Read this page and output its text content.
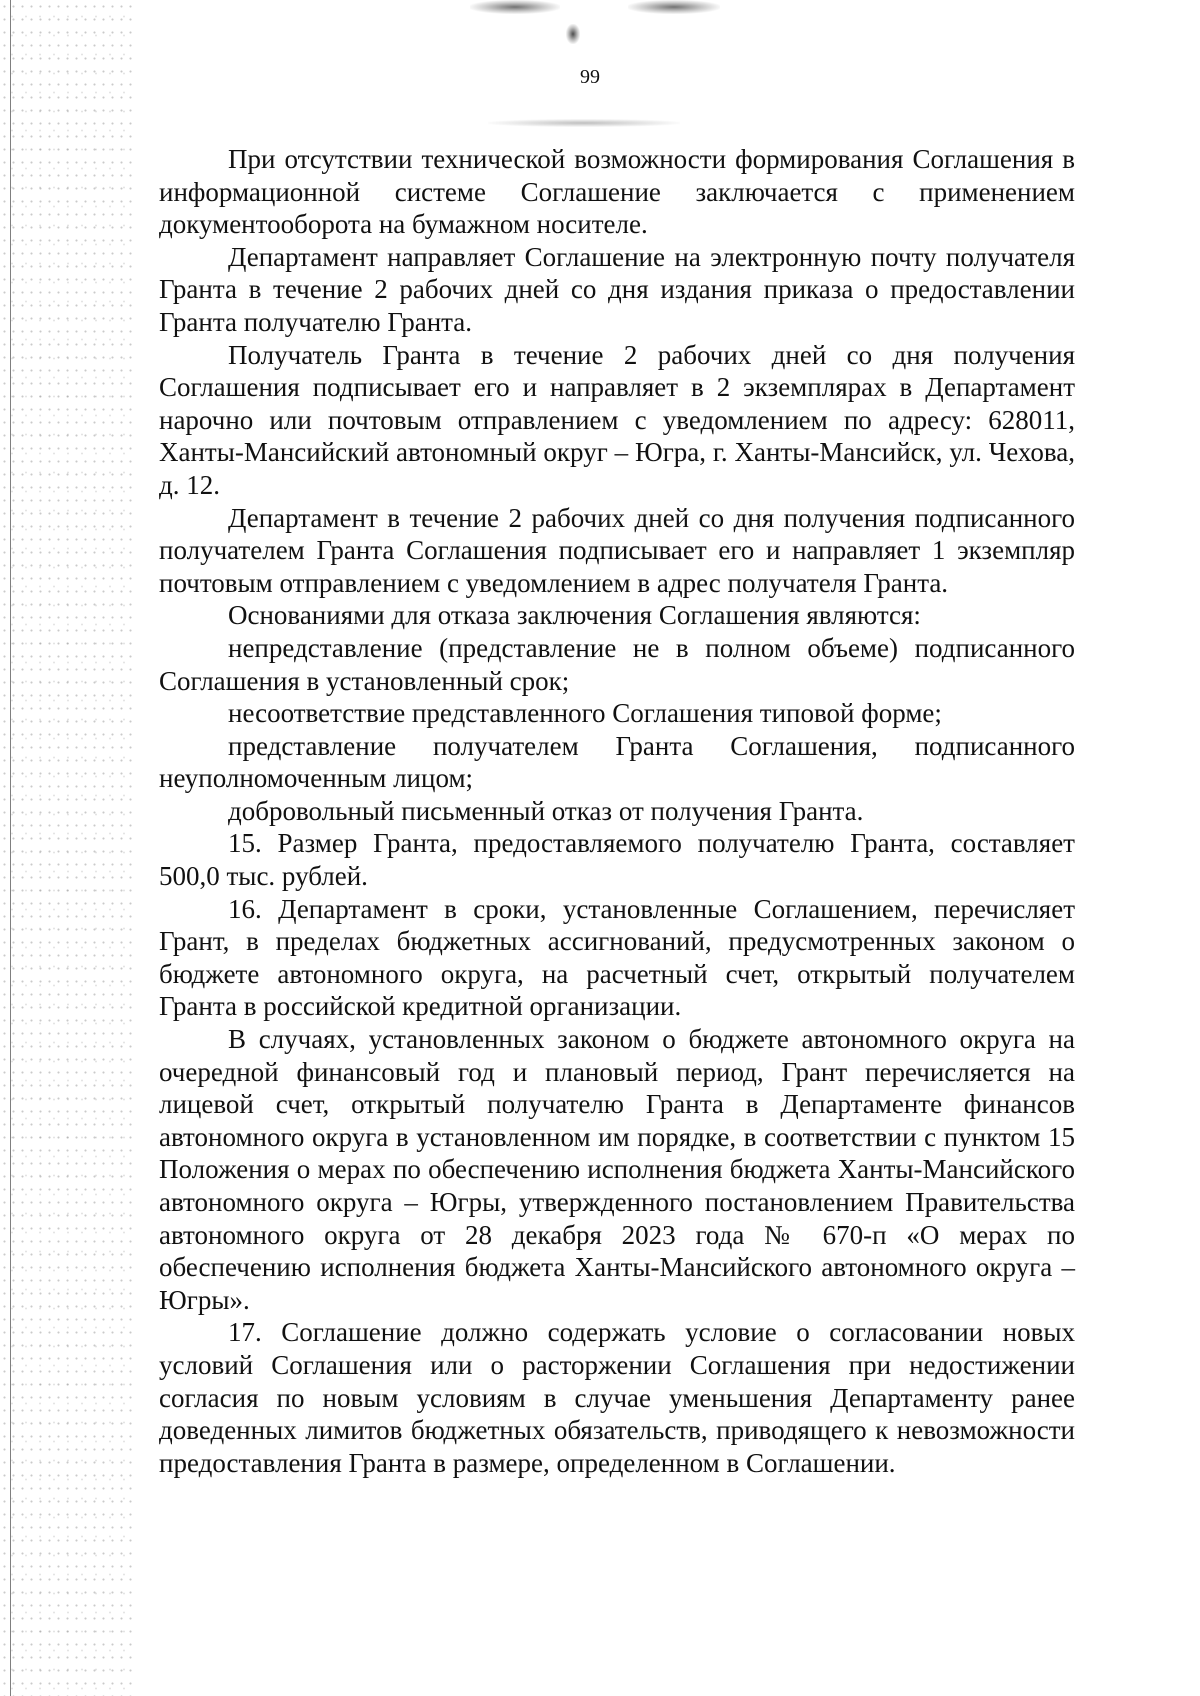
99

При отсутствии технической возможности формирования Соглашения в информационной системе Соглашение заключается с применением документооборота на бумажном носителе.

Департамент направляет Соглашение на электронную почту получателя Гранта в течение 2 рабочих дней со дня издания приказа о предоставлении Гранта получателю Гранта.

Получатель Гранта в течение 2 рабочих дней со дня получения Соглашения подписывает его и направляет в 2 экземплярах в Департамент нарочно или почтовым отправлением с уведомлением по адресу: 628011, Ханты-Мансийский автономный округ – Югра, г. Ханты-Мансийск, ул. Чехова, д. 12.

Департамент в течение 2 рабочих дней со дня получения подписанного получателем Гранта Соглашения подписывает его и направляет 1 экземпляр почтовым отправлением с уведомлением в адрес получателя Гранта.

Основаниями для отказа заключения Соглашения являются:

непредставление (представление не в полном объеме) подписанного Соглашения в установленный срок;

несоответствие представленного Соглашения типовой форме;

представление получателем Гранта Соглашения, подписанного неуполномоченным лицом;

добровольный письменный отказ от получения Гранта.

15. Размер Гранта, предоставляемого получателю Гранта, составляет 500,0 тыс. рублей.

16. Департамент в сроки, установленные Соглашением, перечисляет Грант, в пределах бюджетных ассигнований, предусмотренных законом о бюджете автономного округа, на расчетный счет, открытый получателем Гранта в российской кредитной организации.

В случаях, установленных законом о бюджете автономного округа на очередной финансовый год и плановый период, Грант перечисляется на лицевой счет, открытый получателю Гранта в Департаменте финансов автономного округа в установленном им порядке, в соответствии с пунктом 15 Положения о мерах по обеспечению исполнения бюджета Ханты-Мансийского автономного округа – Югры, утвержденного постановлением Правительства автономного округа от 28 декабря 2023 года № 670-п «О мерах по обеспечению исполнения бюджета Ханты-Мансийского автономного округа – Югры».

17. Соглашение должно содержать условие о согласовании новых условий Соглашения или о расторжении Соглашения при недостижении согласия по новым условиям в случае уменьшения Департаменту ранее доведенных лимитов бюджетных обязательств, приводящего к невозможности предоставления Гранта в размере, определенном в Соглашении.
